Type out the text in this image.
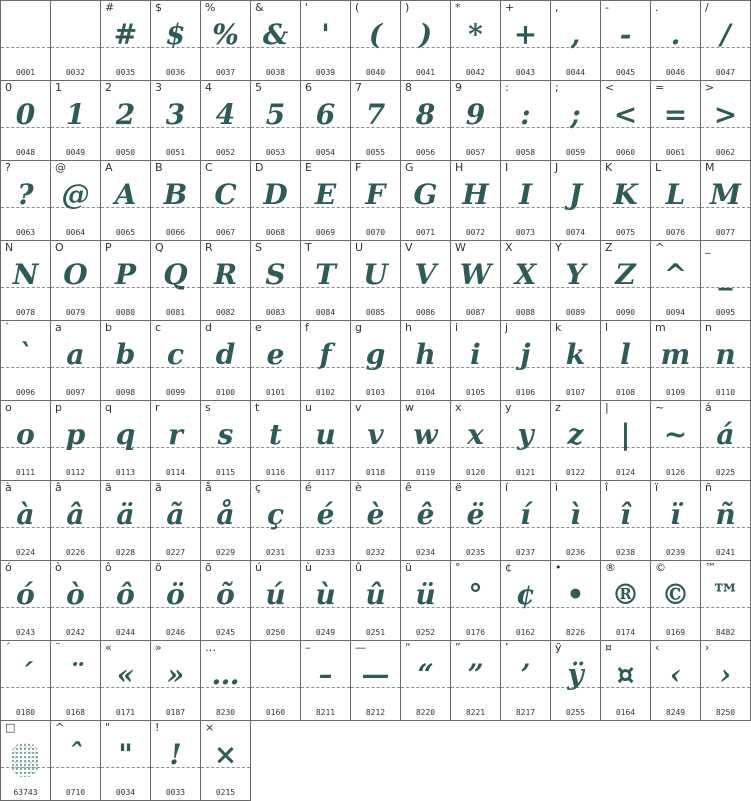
0001	0032
#
#
0035
$
$
0036
%
%
0037
&
&
0038
'
'
0039
(
(
0040
)
)
0041
*
*
0042
+
+
0043
,
,
0044
-
-
0045
.
.
0046
/
/
0047
0
0
0048
1
1
0049
2
2
0050
3
3
0051
4
4
0052
5
5
0053
6
6
0054
7
7
0055
8
8
0056
9
9
0057
:
:
0058
;
;
0059
<
<
0060
=
=
0061
>
>
0062
?
?
0063
@
@
0064
A
A
0065
B
B
0066
C
C
0067
D
D
0068
E
E
0069
F
F
0070
G
G
0071
H
H
0072
I
I
0073
J
J
0074
K
K
0075
L
L
0076
M
M
0077
N
N
0078
O
O
0079
P
P
0080
Q
Q
0081
R
R
0082
S
S
0083
T
T
0084
U
U
0085
V
V
0086
W
W
0087
X
X
0088
Y
Y
0089
Z
Z
0090
^
^
0094
_
_
0095
`
`
0096
a
a
0097
b
b
0098
c
c
0099
d
d
0100
e
e
0101
f
f
0102
g
g
0103
h
h
0104
i
i
0105
j
j
0106
k
k
0107
l
l
0108
m
m
0109
n
n
0110
o
o
0111
p
p
0112
q
q
0113
r
r
0114
s
s
0115
t
t
0116
u
u
0117
v
v
0118
w
w
0119
x
x
0120
y
y
0121
z
z
0122
|
|
0124
~
~
0126
á
á
0225
à
à
0224
â
â
0226
ä
ä
0228
ã
ã
0227
å
å
0229
ç
ç
0231
é
é
0233
è
è
0232
ê
ê
0234
ë
ë
0235
í
í
0237
ì
ì
0236
î
î
0238
ï
ï
0239
ñ
ñ
0241
ó
ó
0243
ò
ò
0242
ô
ô
0244
ö
ö
0246
õ
õ
0245
ú
ú
0250
ù
ù
0249
û
û
0251
ü
ü
0252
°
°
0176
¢
¢
0162
•
•
8226
®
®
0174
©
©
0169
™
™
8482
´
´
0180
¨
¨
0168
«
«
0171
»
»
0187
…
…
8230	0160
–
–
8211
—
—
8212
“
“
8220
”
”
8221
’
’
8217
ÿ
ÿ
0255
¤
¤
0164
‹
‹
8249
›
›
8250
□
63743
^
ˆ
0710
"
"
0034
!
!
0033
×
×
0215
